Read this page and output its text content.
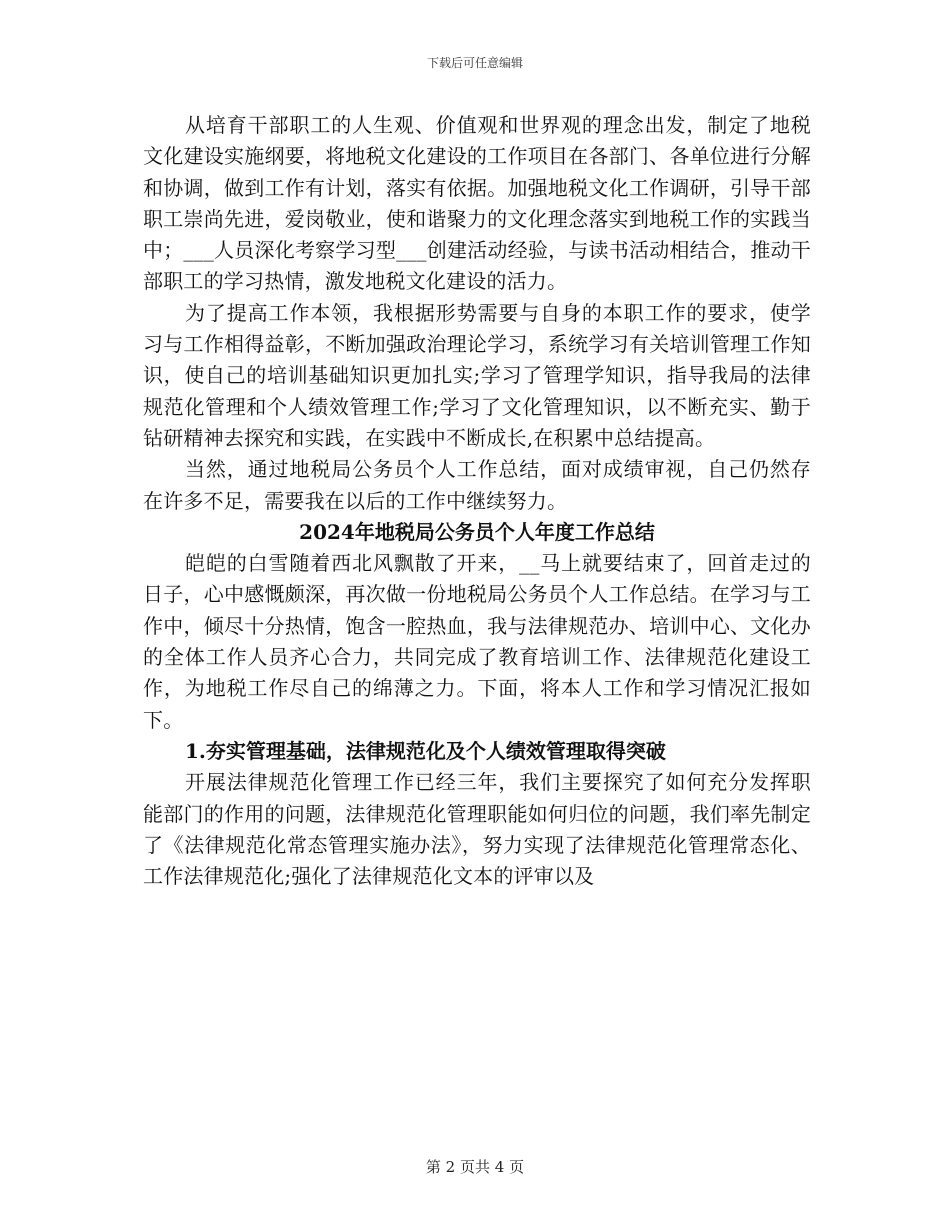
下载后可任意编辑

从培育干部职工的人生观、价值观和世界观的理念出发，制定了地税文化建设实施纲要，将地税文化建设的工作项目在各部门、各单位进行分解和协调，做到工作有计划，落实有依据。加强地税文化工作调研，引导干部职工崇尚先进，爱岗敬业，使和谐聚力的文化理念落实到地税工作的实践当中；___人员深化考察学习型___创建活动经验，与读书活动相结合，推动干部职工的学习热情，激发地税文化建设的活力。

为了提高工作本领，我根据形势需要与自身的本职工作的要求，使学习与工作相得益彰，不断加强政治理论学习，系统学习有关培训管理工作知识，使自己的培训基础知识更加扎实;学习了管理学知识，指导我局的法律规范化管理和个人绩效管理工作;学习了文化管理知识，以不断充实、勤于钻研精神去探究和实践，在实践中不断成长,在积累中总结提高。

当然，通过地税局公务员个人工作总结，面对成绩审视，自己仍然存在许多不足，需要我在以后的工作中继续努力。

2024年地税局公务员个人年度工作总结

皑皑的白雪随着西北风飘散了开来，__马上就要结束了，回首走过的日子，心中感慨颇深，再次做一份地税局公务员个人工作总结。在学习与工作中，倾尽十分热情，饱含一腔热血，我与法律规范办、培训中心、文化办的全体工作人员齐心合力，共同完成了教育培训工作、法律规范化建设工作，为地税工作尽自己的绵薄之力。下面，将本人工作和学习情况汇报如下。

1.夯实管理基础，法律规范化及个人绩效管理取得突破

开展法律规范化管理工作已经三年，我们主要探究了如何充分发挥职能部门的作用的问题，法律规范化管理职能如何归位的问题，我们率先制定了《法律规范化常态管理实施办法》，努力实现了法律规范化管理常态化、工作法律规范化;强化了法律规范化文本的评审以及

第 2 页共 4 页
